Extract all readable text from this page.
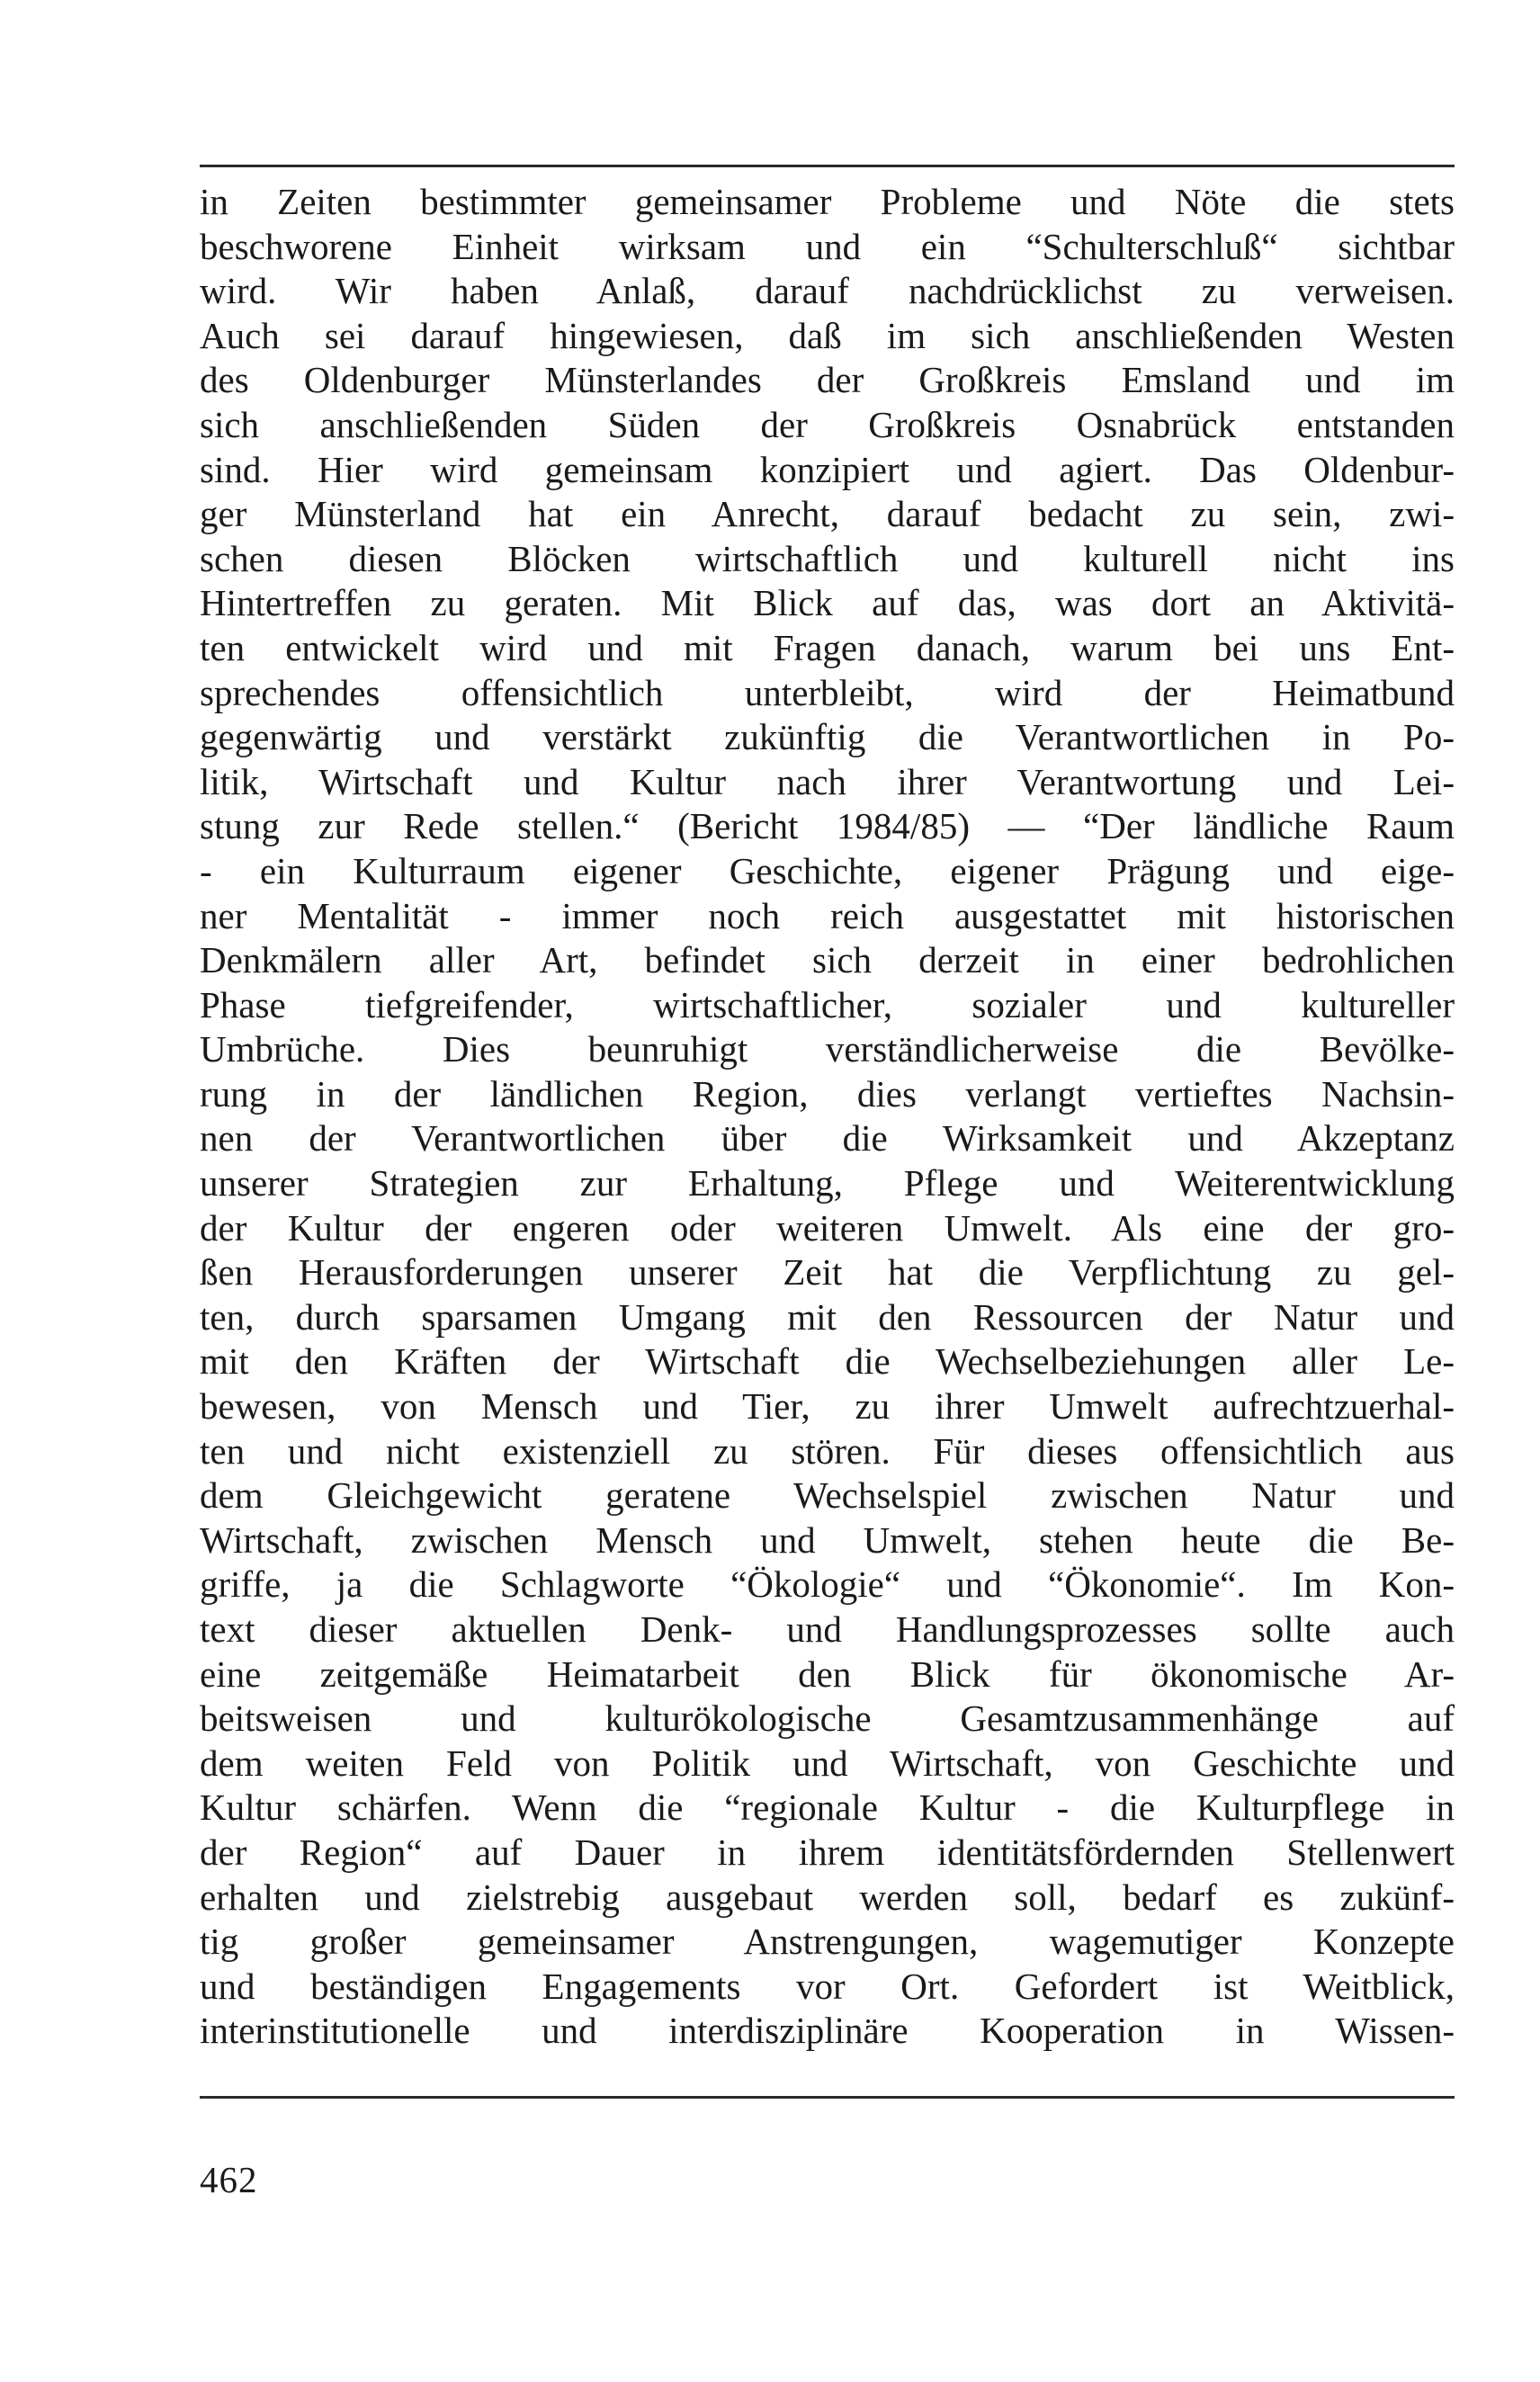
in Zeiten bestimmter gemeinsamer Probleme und Nöte die stets
beschworene Einheit wirksam und ein “Schulterschluß“ sichtbar
wird. Wir haben Anlaß, darauf nachdrücklichst zu verweisen.
Auch sei darauf hingewiesen, daß im sich anschließenden Westen
des Oldenburger Münsterlandes der Großkreis Emsland und im
sich anschließenden Süden der Großkreis Osnabrück entstanden
sind. Hier wird gemeinsam konzipiert und agiert. Das Oldenbur-
ger Münsterland hat ein Anrecht, darauf bedacht zu sein, zwi-
schen diesen Blöcken wirtschaftlich und kulturell nicht ins
Hintertreffen zu geraten. Mit Blick auf das, was dort an Aktivitä-
ten entwickelt wird und mit Fragen danach, warum bei uns Ent-
sprechendes offensichtlich unterbleibt, wird der Heimatbund
gegenwärtig und verstärkt zukünftig die Verantwortlichen in Po-
litik, Wirtschaft und Kultur nach ihrer Verantwortung und Lei-
stung zur Rede stellen.“ (Bericht 1984/85) — “Der ländliche Raum
- ein Kulturraum eigener Geschichte, eigener Prägung und eige-
ner Mentalität - immer noch reich ausgestattet mit historischen
Denkmälern aller Art, befindet sich derzeit in einer bedrohlichen
Phase tiefgreifender, wirtschaftlicher, sozialer und kultureller
Umbrüche. Dies beunruhigt verständlicherweise die Bevölke-
rung in der ländlichen Region, dies verlangt vertieftes Nachsin-
nen der Verantwortlichen über die Wirksamkeit und Akzeptanz
unserer Strategien zur Erhaltung, Pflege und Weiterentwicklung
der Kultur der engeren oder weiteren Umwelt. Als eine der gro-
ßen Herausforderungen unserer Zeit hat die Verpflichtung zu gel-
ten, durch sparsamen Umgang mit den Ressourcen der Natur und
mit den Kräften der Wirtschaft die Wechselbeziehungen aller Le-
bewesen, von Mensch und Tier, zu ihrer Umwelt aufrechtzuerhal-
ten und nicht existenziell zu stören. Für dieses offensichtlich aus
dem Gleichgewicht geratene Wechselspiel zwischen Natur und
Wirtschaft, zwischen Mensch und Umwelt, stehen heute die Be-
griffe, ja die Schlagworte “Ökologie“ und “Ökonomie“. Im Kon-
text dieser aktuellen Denk- und Handlungsprozesses sollte auch
eine zeitgemäße Heimatarbeit den Blick für ökonomische Ar-
beitsweisen und kulturökologische Gesamtzusammenhänge auf
dem weiten Feld von Politik und Wirtschaft, von Geschichte und
Kultur schärfen. Wenn die “regionale Kultur - die Kulturpflege in
der Region“ auf Dauer in ihrem identitätsfördernden Stellenwert
erhalten und zielstrebig ausgebaut werden soll, bedarf es zukünf-
tig großer gemeinsamer Anstrengungen, wagemutiger Konzepte
und beständigen Engagements vor Ort. Gefordert ist Weitblick,
interinstitutionelle und interdisziplinäre Kooperation in Wissen-
462
